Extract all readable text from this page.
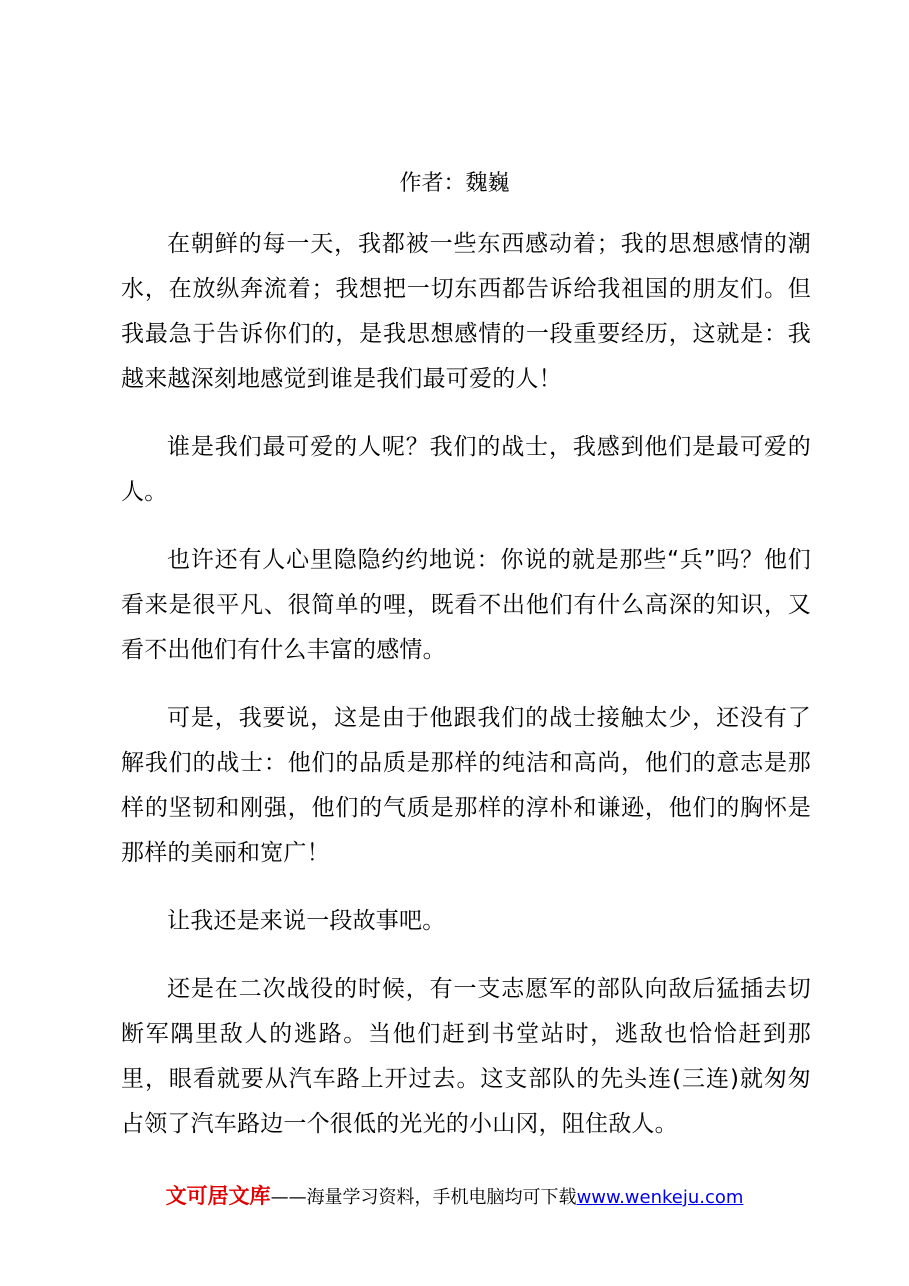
作者：魏巍

在朝鲜的每一天，我都被一些东西感动着；我的思想感情的潮水，在放纵奔流着；我想把一切东西都告诉给我祖国的朋友们。但我最急于告诉你们的，是我思想感情的一段重要经历，这就是：我越来越深刻地感觉到谁是我们最可爱的人！

谁是我们最可爱的人呢？我们的战士，我感到他们是最可爱的人。

也许还有人心里隐隐约约地说：你说的就是那些“兵”吗？他们看来是很平凡、很简单的哩，既看不出他们有什么高深的知识，又看不出他们有什么丰富的感情。

可是，我要说，这是由于他跟我们的战士接触太少，还没有了解我们的战士：他们的品质是那样的纯洁和高尚，他们的意志是那样的坚韧和刚强，他们的气质是那样的淳朴和谦逊，他们的胸怀是那样的美丽和宽广！

让我还是来说一段故事吧。

还是在二次战役的时候，有一支志愿军的部队向敌后猛插去切断军隅里敌人的逃路。当他们赶到书堂站时，逃敌也恰恰赶到那里，眼看就要从汽车路上开过去。这支部队的先头连(三连)就匆匆占领了汽车路边一个很低的光光的小山冈，阻住敌人。

文可居文库——海量学习资料，手机电脑均可下载www.wenkeju.com
